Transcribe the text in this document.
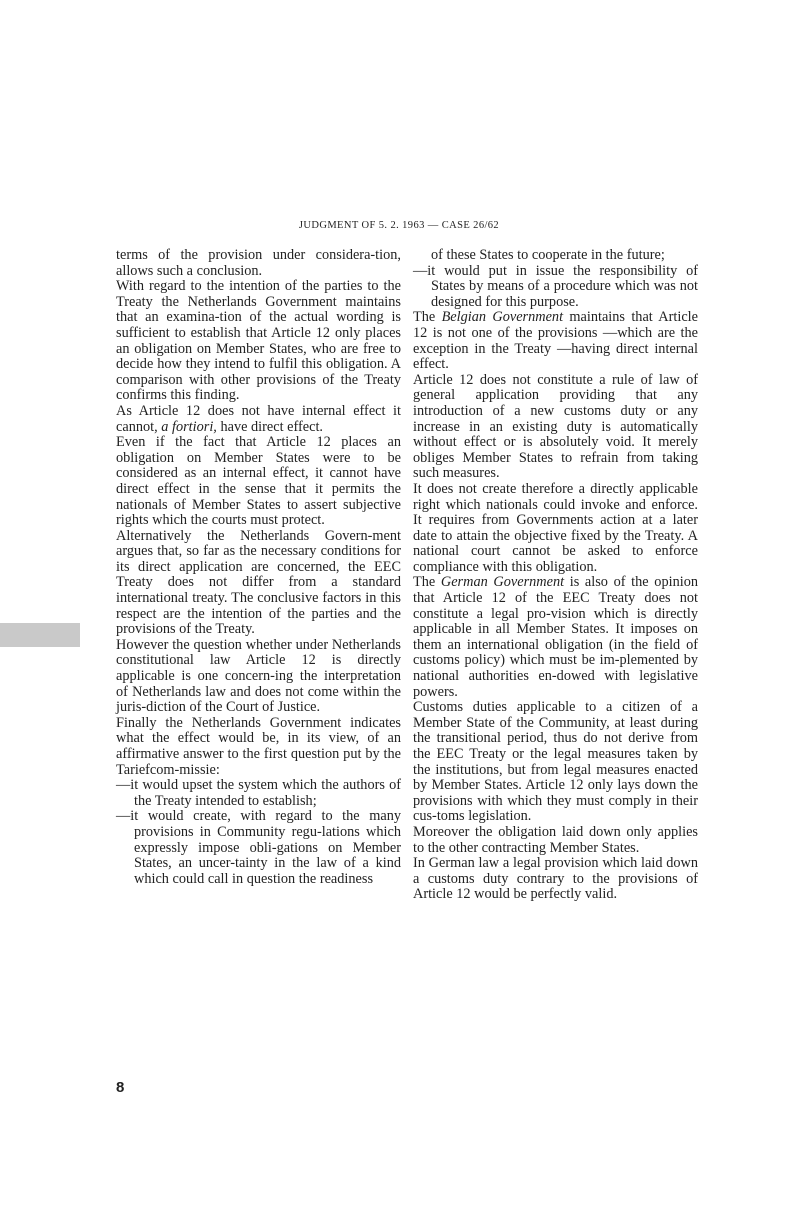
JUDGMENT OF 5. 2. 1963 — CASE 26/62

terms of the provision under considera-tion, allows such a conclusion.

With regard to the intention of the parties to the Treaty the Netherlands Government maintains that an examina-tion of the actual wording is sufficient to establish that Article 12 only places an obligation on Member States, who are free to decide how they intend to fulfil this obligation. A comparison with other provisions of the Treaty confirms this finding.

As Article 12 does not have internal effect it cannot, a fortiori, have direct effect.

Even if the fact that Article 12 places an obligation on Member States were to be considered as an internal effect, it cannot have direct effect in the sense that it permits the nationals of Member States to assert subjective rights which the courts must protect.

Alternatively the Netherlands Govern-ment argues that, so far as the necessary conditions for its direct application are concerned, the EEC Treaty does not differ from a standard international treaty. The conclusive factors in this respect are the intention of the parties and the provisions of the Treaty.

However the question whether under Netherlands constitutional law Article 12 is directly applicable is one concern-ing the interpretation of Netherlands law and does not come within the juris-diction of the Court of Justice.

Finally the Netherlands Government indicates what the effect would be, in its view, of an affirmative answer to the first question put by the Tariefcom-missie:

—it would upset the system which the authors of the Treaty intended to establish;

—it would create, with regard to the many provisions in Community regu-lations which expressly impose obli-gations on Member States, an uncer-tainty in the law of a kind which could call in question the readiness

of these States to cooperate in the future;

—it would put in issue the responsibility of States by means of a procedure which was not designed for this purpose.

The Belgian Government maintains that Article 12 is not one of the provisions —which are the exception in the Treaty —having direct internal effect.

Article 12 does not constitute a rule of law of general application providing that any introduction of a new customs duty or any increase in an existing duty is automatically without effect or is absolutely void. It merely obliges Member States to refrain from taking such measures.

It does not create therefore a directly applicable right which nationals could invoke and enforce. It requires from Governments action at a later date to attain the objective fixed by the Treaty. A national court cannot be asked to enforce compliance with this obligation.

The German Government is also of the opinion that Article 12 of the EEC Treaty does not constitute a legal pro-vision which is directly applicable in all Member States. It imposes on them an international obligation (in the field of customs policy) which must be im-plemented by national authorities en-dowed with legislative powers.

Customs duties applicable to a citizen of a Member State of the Community, at least during the transitional period, thus do not derive from the EEC Treaty or the legal measures taken by the institutions, but from legal measures enacted by Member States. Article 12 only lays down the provisions with which they must comply in their cus-toms legislation.

Moreover the obligation laid down only applies to the other contracting Member States.

In German law a legal provision which laid down a customs duty contrary to the provisions of Article 12 would be perfectly valid.

8
